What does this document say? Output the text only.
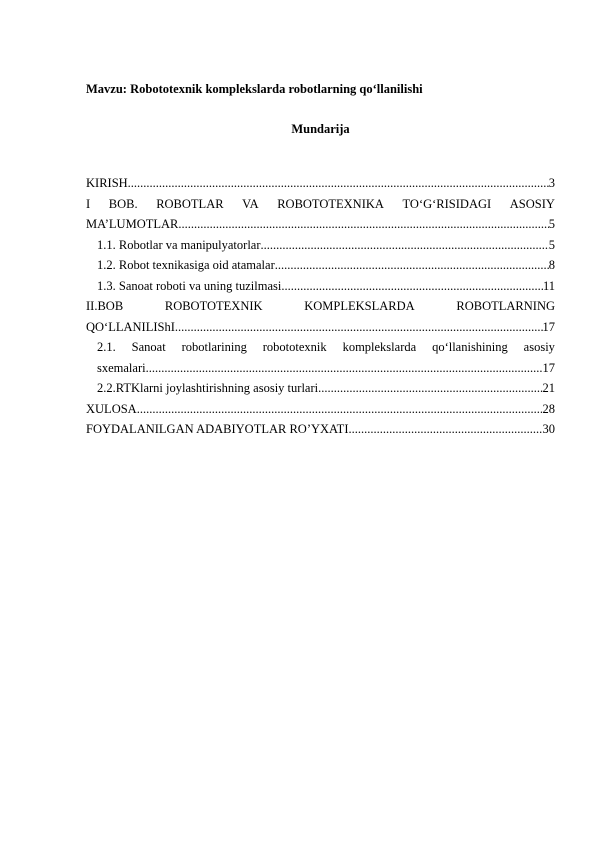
Mavzu: Robototexnik komplekslarda robotlarning qo‘llanilishi
Mundarija
KIRISH .....	3
I BOB. ROBOTLAR VA ROBOTOTEXNIKA TO‘G‘RISIDAGI ASOSIY
MA’LUMOTLAR .....	5
1.1. Robotlar va manipulyatorlar .....	5
1.2. Robot texnikasiga oid atamalar .....	8
1.3. Sanoat roboti va uning tuzilmasi .....	11
II.BOB	ROBOTOTEXNIK	KOMPLEKSLARDA	ROBOTLARNING
QO‘LLANILIShI .....	17
2.1. Sanoat robotlarining robototexnik komplekslarda qo‘llanishining asosiy
sxemalari .....	17
2.2.RTKlarni joylashtirishning asosiy turlari .....	21
XULOSA .....	28
FOYDALANILGAN ADABIYOTLAR RO’YXATI .....	30
